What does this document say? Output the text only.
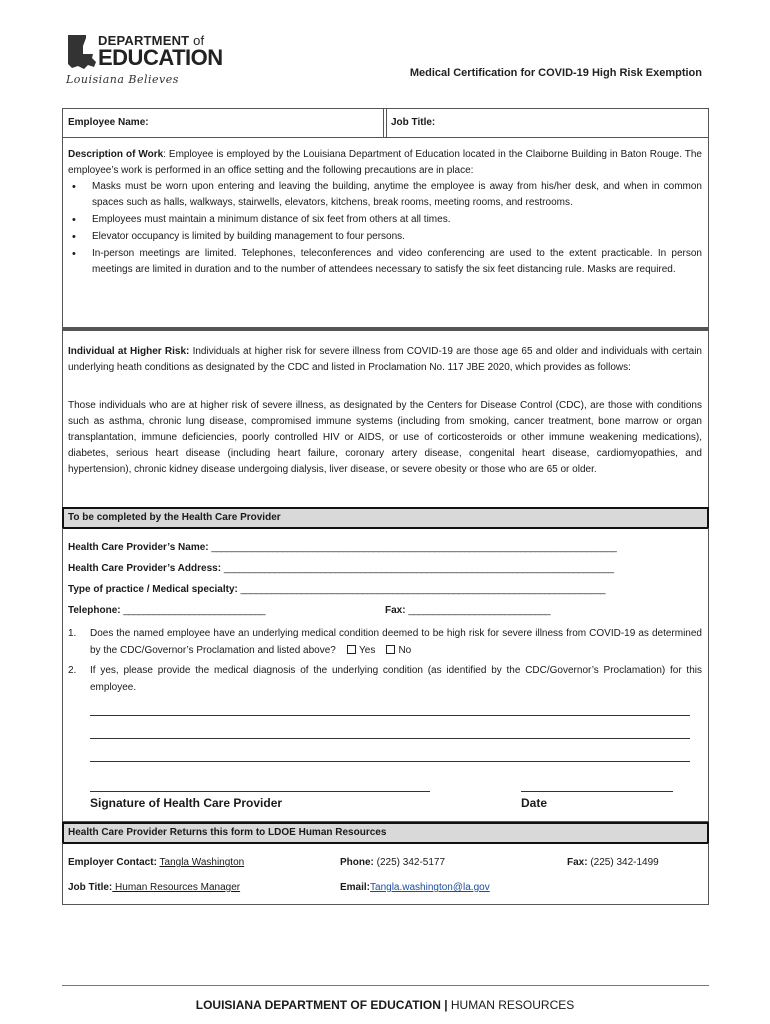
DEPARTMENT of
EDUCATION
Louisiana Believes	Medical Certification for COVID-19 High Risk Exemption
Employee Name:	Job Title:
Description of Work: Employee is employed by the Louisiana Department of Education located in the Claiborne Building in Baton Rouge. The employee’s work is performed in an office setting and the following precautions are in place:
• Masks must be worn upon entering and leaving the building, anytime the employee is away from his/her desk, and when in common spaces such as halls, walkways, stairwells, elevators, kitchens, break rooms, meeting rooms, and restrooms.
• Employees must maintain a minimum distance of six feet from others at all times.
• Elevator occupancy is limited by building management to four persons.
• In-person meetings are limited. Telephones, teleconferences and video conferencing are used to the extent practicable. In person meetings are limited in duration and to the number of attendees necessary to satisfy the six feet distancing rule. Masks are required.
Individual at Higher Risk: Individuals at higher risk for severe illness from COVID-19 are those age 65 and older and individuals with certain underlying heath conditions as designated by the CDC and listed in Proclamation No. 117 JBE 2020, which provides as follows:
Those individuals who are at higher risk of severe illness, as designated by the Centers for Disease Control (CDC), are those with conditions such as asthma, chronic lung disease, compromised immune systems (including from smoking, cancer treatment, bone marrow or organ transplantation, immune deficiencies, poorly controlled HIV or AIDS, or use of corticosteroids or other immune weakening medications), diabetes, serious heart disease (including heart failure, coronary artery disease, congenital heart disease, cardiomyopathies, and hypertension), chronic kidney disease undergoing dialysis, liver disease, or severe obesity or those who are 65 or older.
To be completed by the Health Care Provider
Health Care Provider’s Name: ________________________________________________________________________________
Health Care Provider’s Address: _____________________________________________________________________________
Type of practice / Medical specialty: ________________________________________________________________________
Telephone: ____________________________	Fax: ____________________________
1. Does the named employee have an underlying medical condition deemed to be high risk for severe illness from COVID-19 as determined by the CDC/Governor’s Proclamation and listed above? Yes No
2. If yes, please provide the medical diagnosis of the underlying condition (as identified by the CDC/Governor’s Proclamation) for this employee.
Signature of Health Care Provider	Date
Health Care Provider Returns this form to LDOE Human Resources
Employer Contact: Tangla Washington	Phone: (225) 342-5177	Fax: (225) 342-1499
Job Title: Human Resources Manager	Email:Tangla.washington@la.gov
LOUISIANA DEPARTMENT OF EDUCATION | HUMAN RESOURCES
